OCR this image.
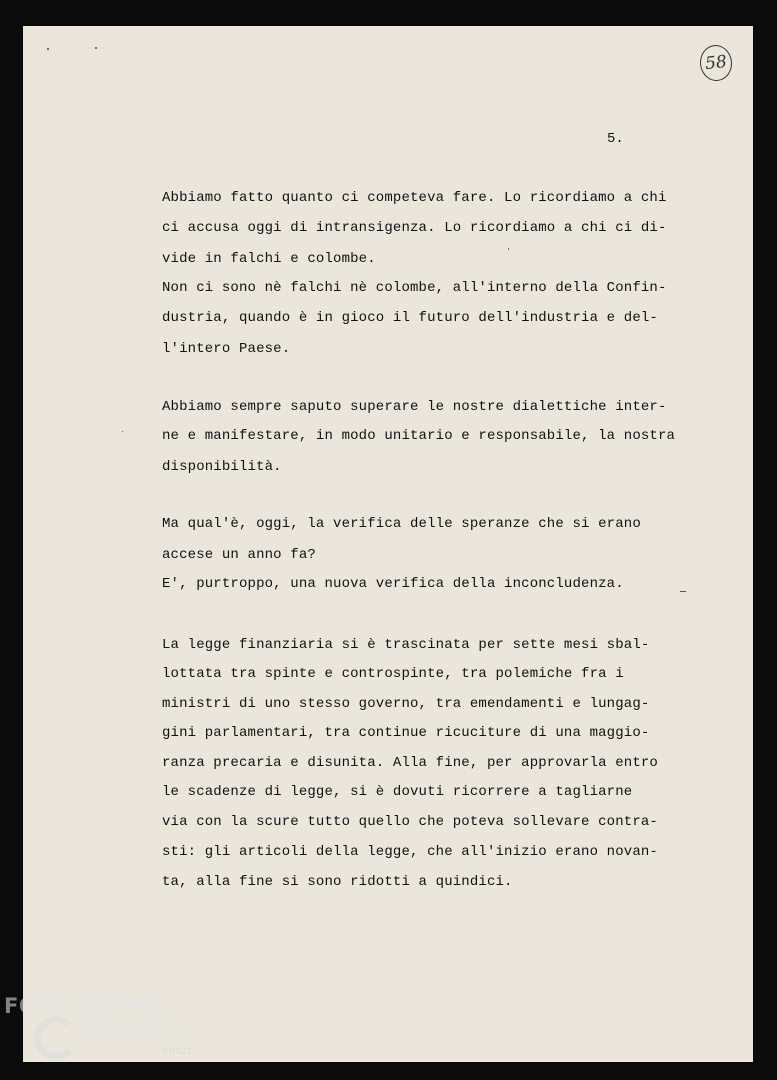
58
5.
Abbiamo fatto quanto ci competeva fare. Lo ricordiamo a chi
ci accusa oggi di intransigenza. Lo ricordiamo a chi ci di-
vide in falchi e colombe.
Non ci sono nè falchi nè colombe, all'interno della Confin-
dustria, quando è in gioco il futuro dell'industria e del-
l'intero Paese.
Abbiamo sempre saputo superare le nostre dialettiche inter-
ne e manifestare, in modo unitario e responsabile, la nostra
disponibilità.
Ma qual'è, oggi, la verifica delle speranze che si erano
accese un anno fa?
E', purtroppo, una nuova verifica della inconcludenza.
La legge finanziaria si è trascinata per sette mesi sbal-
lottata tra spinte e controspinte, tra polemiche fra i
ministri di uno stesso governo, tra emendamenti e lungag-
gini parlamentari, tra continue ricuciture di una maggio-
ranza precaria e disunita. Alla fine, per approvarla entro
le scadenze di legge, si è dovuti ricorrere a tagliarne
via con la scure tutto quello che poteva sollevare contra-
sti: gli articoli della legge, che all'inizio erano novan-
ta, alla fine si sono ridotti a quindici.
FONDAZIONE
RAMSCI
onlus
